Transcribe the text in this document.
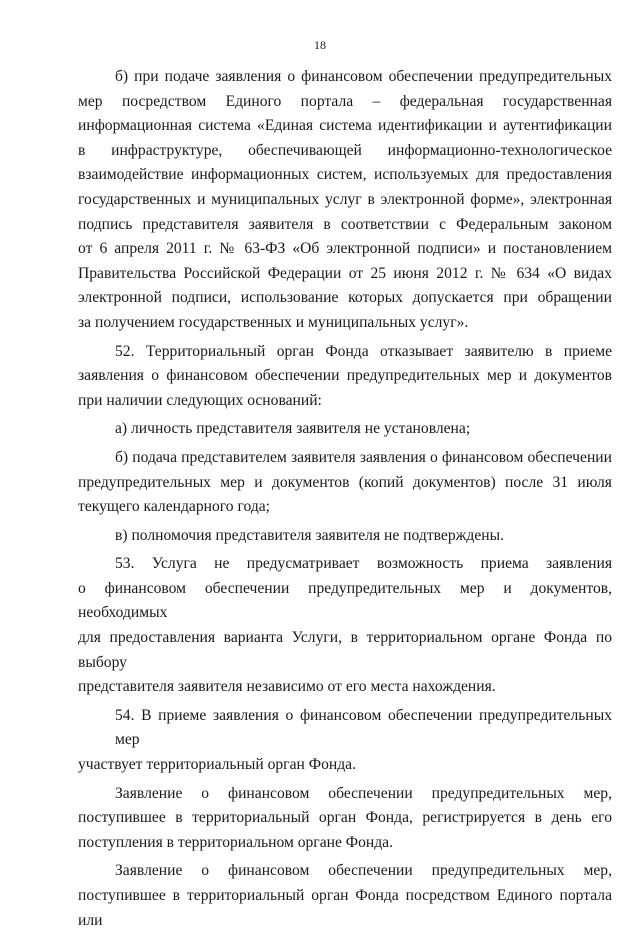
18
б) при подаче заявления о финансовом обеспечении предупредительных
мер посредством Единого портала – федеральная государственная
информационная система «Единая система идентификации и аутентификации
в инфраструктуре, обеспечивающей информационно-технологическое
взаимодействие информационных систем, используемых для предоставления
государственных и муниципальных услуг в электронной форме», электронная
подпись представителя заявителя в соответствии с Федеральным законом
от 6 апреля 2011 г. № 63-ФЗ «Об электронной подписи» и постановлением
Правительства Российской Федерации от 25 июня 2012 г. № 634 «О видах
электронной подписи, использование которых допускается при обращении
за получением государственных и муниципальных услуг».
52. Территориальный орган Фонда отказывает заявителю в приеме
заявления о финансовом обеспечении предупредительных мер и документов
при наличии следующих оснований:
а) личность представителя заявителя не установлена;
б) подача представителем заявителя заявления о финансовом обеспечении
предупредительных мер и документов (копий документов) после 31 июля
текущего календарного года;
в) полномочия представителя заявителя не подтверждены.
53. Услуга не предусматривает возможность приема заявления
о финансовом обеспечении предупредительных мер и документов, необходимых
для предоставления варианта Услуги, в территориальном органе Фонда по выбору
представителя заявителя независимо от его места нахождения.
54. В приеме заявления о финансовом обеспечении предупредительных мер
участвует территориальный орган Фонда.
Заявление о финансовом обеспечении предупредительных мер,
поступившее в территориальный орган Фонда, регистрируется в день его
поступления в территориальном органе Фонда.
Заявление о финансовом обеспечении предупредительных мер,
поступившее в территориальный орган Фонда посредством Единого портала или
